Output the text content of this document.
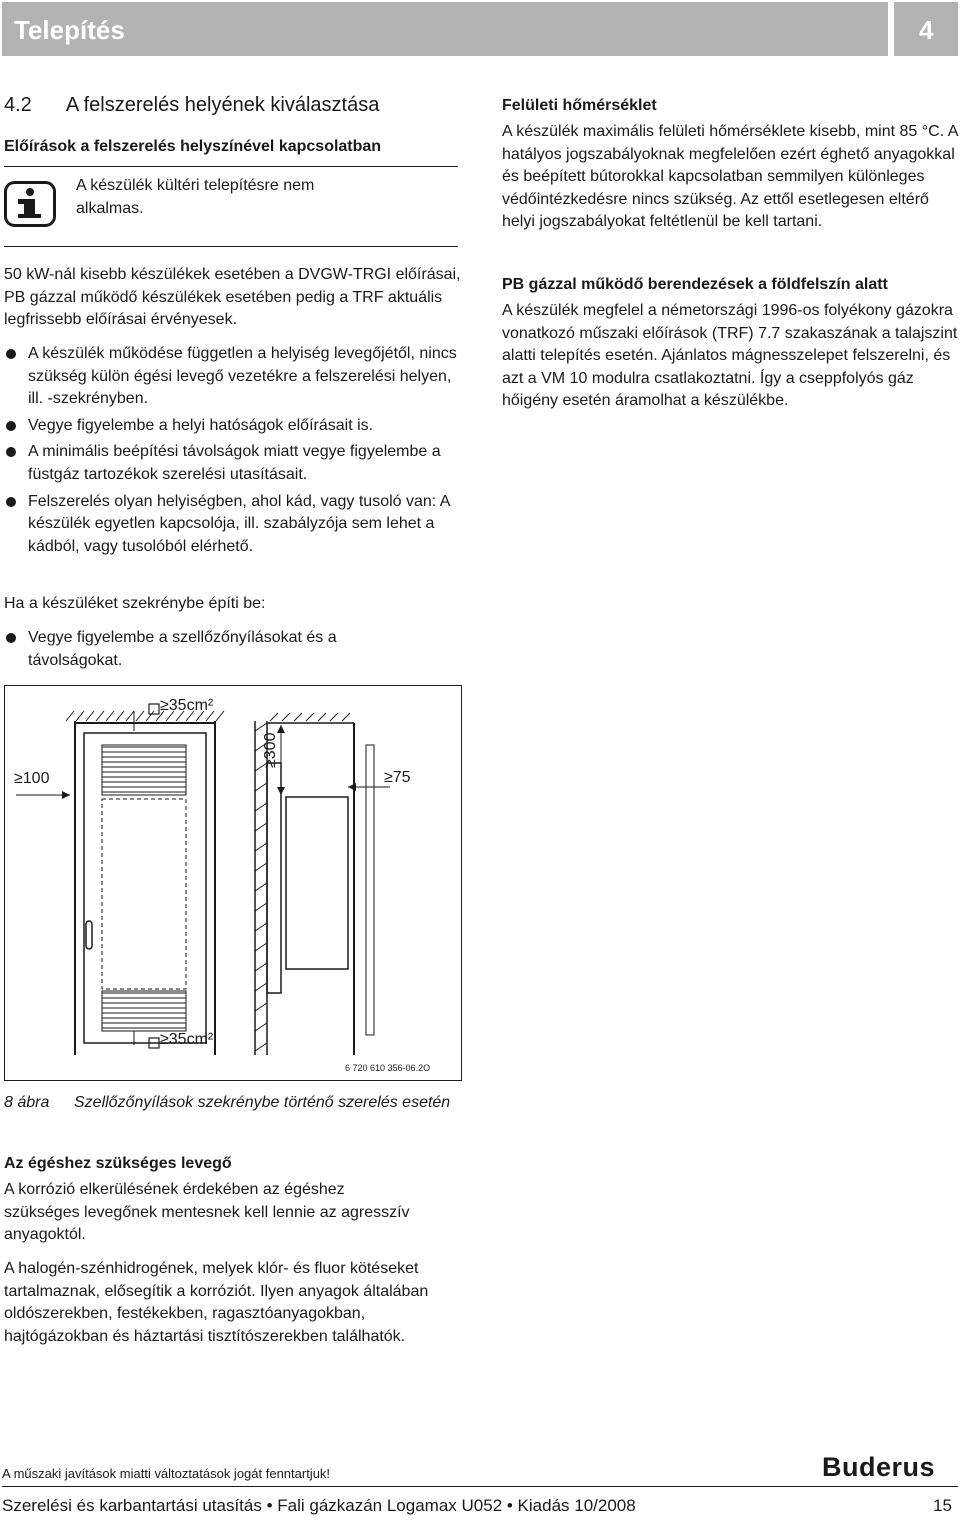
Telepítés	4
4.2 A felszerelés helyének kiválasztása
Előírások a felszerelés helyszínével kapcsolatban

A készülék kültéri telepítésre nem alkalmas.

50 kW-nál kisebb készülékek esetében a DVGW-TRGI előírásai, PB gázzal működő készülékek esetében pedig a TRF aktuális legfrissebb előírásai érvényesek.

A készülék működése független a helyiség levegőjétől, nincs szükség külön égési levegő vezetékre a felszerelési helyen, ill. -szekrényben.
Vegye figyelembe a helyi hatóságok előírásait is.
A minimális beépítési távolságok miatt vegye figyelembe a füstgáz tartozékok szerelési utasításait.
Felszerelés olyan helyiségben, ahol kád, vagy tusoló van: A készülék egyetlen kapcsolója, ill. szabályzója sem lehet a kádból, vagy tusolóból elérhető.

Ha a készüléket szekrénybe építi be:

Vegye figyelembe a szellőzőnyílásokat és a távolságokat.
≥35cm²
≥35cm²
≥100
≥300
≥75
6 720 610 356-06.2O
8 ábra	Szellőzőnyílások szekrénybe történő szerelés esetén
Az égéshez szükséges levegő

A korrózió elkerülésének érdekében az égéshez szükséges levegőnek mentesnek kell lennie az agresszív anyagoktól.

A halogén-szénhidrogének, melyek klór- és fluor kötéseket tartalmaznak, elősegítik a korróziót. Ilyen anyagok általában oldószerekben, festékekben, ragasztóanyagokban, hajtógázokban és háztartási tisztítószerekben találhatók.

Felületi hőmérséklet

A készülék maximális felületi hőmérséklete kisebb, mint 85 °C. A hatályos jogszabályoknak megfelelően ezért éghető anyagokkal és beépített bútorokkal kapcsolatban semmilyen különleges védőintézkedésre nincs szükség. Az ettől esetlegesen eltérő helyi jogszabályokat feltétlenül be kell tartani.

PB gázzal működő berendezések a földfelszín alatt

A készülék megfelel a németországi 1996-os folyékony gázokra vonatkozó műszaki előírások (TRF) 7.7 szakaszának a talajszint alatti telepítés esetén. Ajánlatos mágnesszelepet felszerelni, és azt a VM 10 modulra csatlakoztatni. Így a cseppfolyós gáz hőigény esetén áramolhat a készülékbe.

A műszaki javítások miatti változtatások jogát fenntartjuk!	Buderus
Szerelési és karbantartási utasítás • Fali gázkazán Logamax U052 • Kiadás 10/2008	15
